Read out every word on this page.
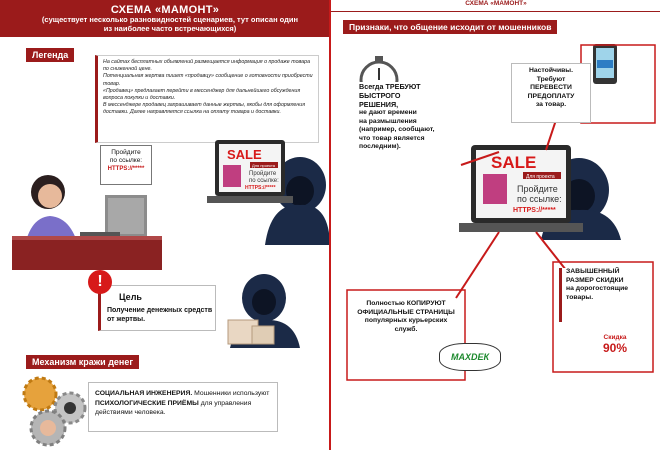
СХЕМА «МАМОНТ»
(существует несколько разновидностей сценариев, тут описан один из наиболее часто встречающихся)
Легенда
На сайтах бесплатных объявлений размещается информация о продаже товара по сниженной цене.
Потенциальная жертва пишет «продавцу» сообщение о готовности приобрести товар.
«Продавец» предлагает перейти в мессенджер для дальнейшего обсуждения вопроса покупки и доставки.
В мессенджере продавец запрашивает данные жертвы, якобы для оформления доставки. Далее направляется ссылка на оплату товара и доставки.
Пройдите
по ссылке:
HTTPS://*****
SALE
Для проекта
Пройдите
по ссылке:
HTTPS://*****
Цель
Получение денежных средств от жертвы.
!
Механизм кражи денег
СОЦИАЛЬНАЯ ИНЖЕНЕРИЯ. Мошенники используют ПСИХОЛОГИЧЕСКИЕ ПРИЁМЫ для управления действиями человека.
СХЕМА «МАМОНТ»
Признаки, что общение исходит от мошенников
SALE
Для проекта
Пройдите
по ссылке:
HTTPS://*****
Всегда ТРЕБУЮТ
БЫСТРОГО
РЕШЕНИЯ,
не дают времени
на размышления
(например, сообщают,
что товар является
последним).
Настойчивы.
Требуют
ПЕРЕВЕСТИ
ПРЕДОПЛАТУ
за товар.
Полностью КОПИРУЮТ
ОФИЦИАЛЬНЫЕ СТРАНИЦЫ
популярных курьерских
служб.
МАХDЕК
ЗАВЫШЕННЫЙ
РАЗМЕР СКИДКИ
на дорогостоящие
товары.
Скидка
90%
